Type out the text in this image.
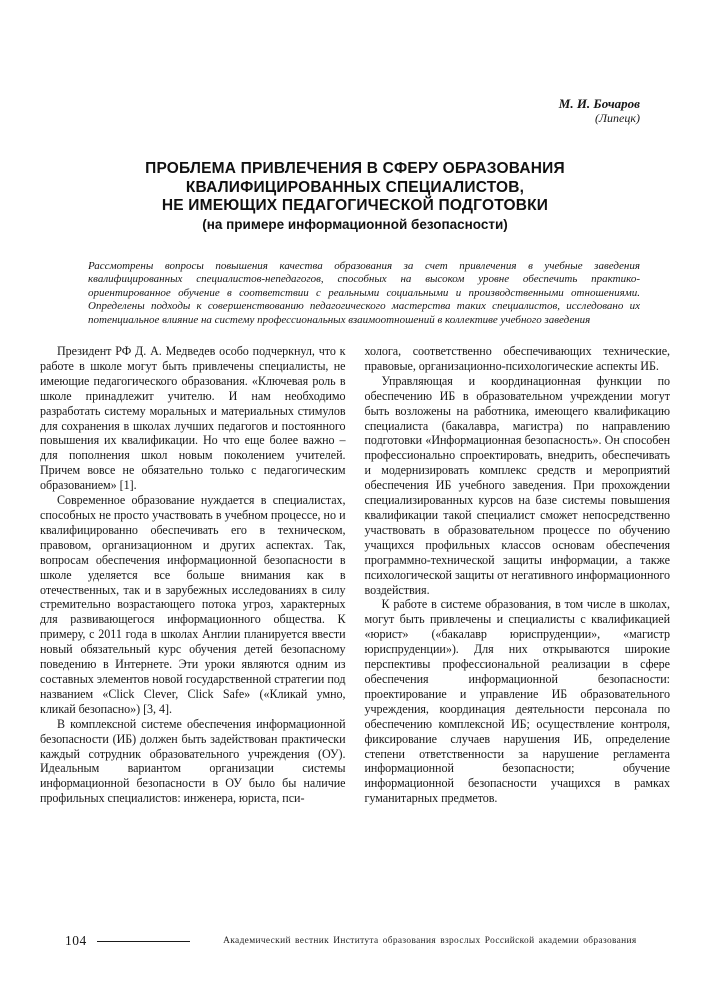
М. И. Бочаров
(Липецк)
ПРОБЛЕМА ПРИВЛЕЧЕНИЯ В СФЕРУ ОБРАЗОВАНИЯ
КВАЛИФИЦИРОВАННЫХ СПЕЦИАЛИСТОВ,
НЕ ИМЕЮЩИХ ПЕДАГОГИЧЕСКОЙ ПОДГОТОВКИ
(на примере информационной безопасности)
Рассмотрены вопросы повышения качества образования за счет привлечения в учебные заведения квалифицированных специалистов-непедагогов, способных на высоком уровне обеспечить практико-ориентированное обучение в соответствии с реальными социальными и производственными отношениями. Определены подходы к совершенствованию педагогического мастерства таких специалистов, исследовано их потенциальное влияние на систему профессиональных взаимоотношений в коллективе учебного заведения

Президент РФ Д. А. Медведев особо подчеркнул, что к работе в школе могут быть привлечены специалисты, не имеющие педагогического образования. «Ключевая роль в школе принадлежит учителю. И нам необходимо разработать систему моральных и материальных стимулов для сохранения в школах лучших педагогов и постоянного повышения их квалификации. Но что еще более важно – для пополнения школ новым поколением учителей. Причем вовсе не обязательно только с педагогическим образованием» [1].

Современное образование нуждается в специалистах, способных не просто участвовать в учебном процессе, но и квалифицированно обеспечивать его в техническом, правовом, организационном и других аспектах. Так, вопросам обеспечения информационной безопасности в школе уделяется все больше внимания как в отечественных, так и в зарубежных исследованиях в силу стремительно возрастающего потока угроз, характерных для развивающегося информационного общества. К примеру, с 2011 года в школах Англии планируется ввести новый обязательный курс обучения детей безопасному поведению в Интернете. Эти уроки являются одним из составных элементов новой государственной стратегии под названием «Click Clever, Click Safe» («Кликай умно, кликай безопасно») [3, 4].

В комплексной системе обеспечения информационной безопасности (ИБ) должен быть задействован практически каждый сотрудник образовательного учреждения (ОУ). Идеальным вариантом организации системы информационной безопасности в ОУ было бы наличие профильных специалистов: инженера, юриста, пси-

холога, соответственно обеспечивающих технические, правовые, организационно-психологические аспекты ИБ.

Управляющая и координационная функции по обеспечению ИБ в образовательном учреждении могут быть возложены на работника, имеющего квалификацию специалиста (бакалавра, магистра) по направлению подготовки «Информационная безопасность». Он способен профессионально спроектировать, внедрить, обеспечивать и модернизировать комплекс средств и мероприятий обеспечения ИБ учебного заведения. При прохождении специализированных курсов на базе системы повышения квалификации такой специалист сможет непосредственно участвовать в образовательном процессе по обучению учащихся профильных классов основам обеспечения программно-технической защиты информации, а также психологической защиты от негативного информационного воздействия.

К работе в системе образования, в том числе в школах, могут быть привлечены и специалисты с квалификацией «юрист» («бакалавр юриспруденции», «магистр юриспруденции»). Для них открываются широкие перспективы профессиональной реализации в сфере обеспечения информационной безопасности: проектирование и управление ИБ образовательного учреждения, координация деятельности персонала по обеспечению комплексной ИБ; осуществление контроля, фиксирование случаев нарушения ИБ, определение степени ответственности за нарушение регламента информационной безопасности; обучение информационной безопасности учащихся в рамках гуманитарных предметов.

104	Академический вестник Института образования взрослых Российской академии образования
